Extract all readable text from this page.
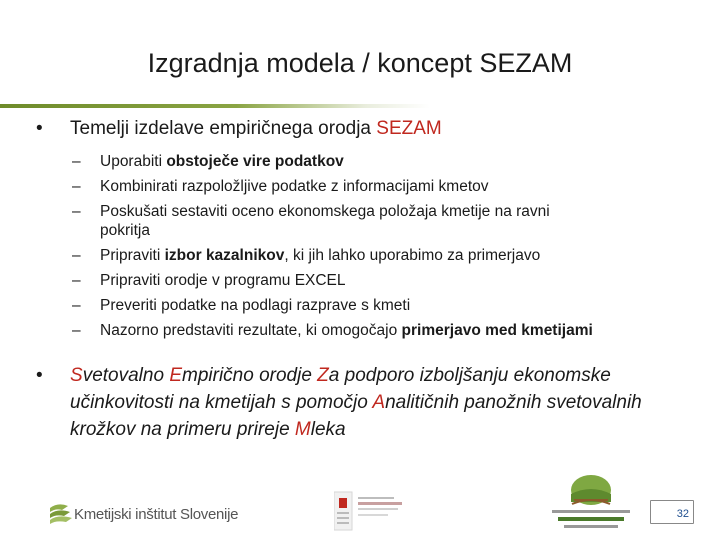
Izgradnja modela / koncept SEZAM
• Temelji izdelave empiričnega orodja SEZAM
– Uporabiti obstoječe vire podatkov
– Kombinirati razpoložljive podatke z informacijami kmetov
– Poskušati sestaviti oceno ekonomskega položaja kmetije na ravni
pokritja
– Pripraviti izbor kazalnikov, ki jih lahko uporabimo za primerjavo
– Pripraviti orodje v programu EXCEL
– Preveriti podatke na podlagi razprave s kmeti
– Nazorno predstaviti rezultate, ki omogočajo primerjavo med kmetijami
•	Svetovalno Empirično orodje Za podporo izboljšanju ekonomske učinkovitosti na kmetijah s pomočjo Analitičnih panožnih svetovalnih krožkov na primeru prireje Mleka
Kmetijski inštitut Slovenije	32
